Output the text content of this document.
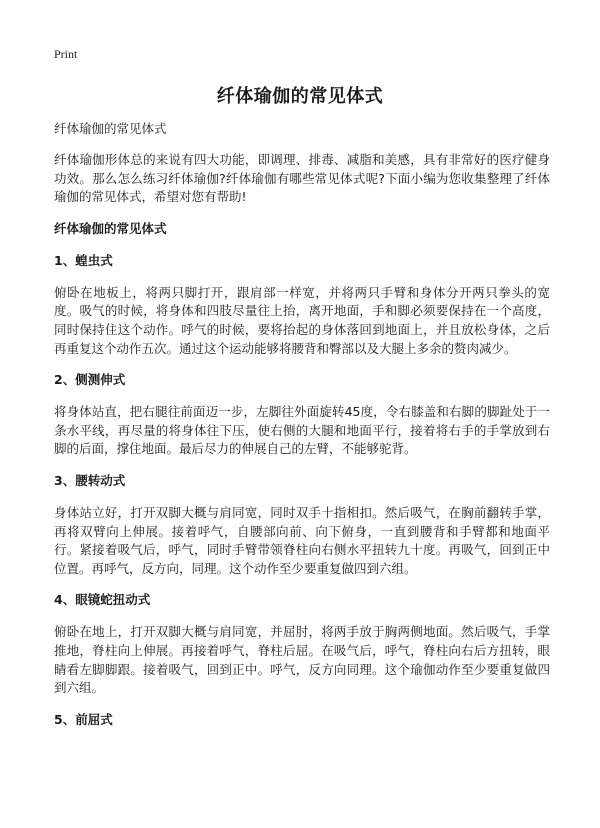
Print
纤体瑜伽的常见体式

纤体瑜伽的常见体式

纤体瑜伽形体总的来说有四大功能，即调理、排毒、减脂和美感，具有非常好的医疗健身功效。那么怎么练习纤体瑜伽?纤体瑜伽有哪些常见体式呢?下面小编为您收集整理了纤体瑜伽的常见体式，希望对您有帮助!

纤体瑜伽的常见体式

1、蝗虫式

俯卧在地板上，将两只脚打开，跟肩部一样宽，并将两只手臂和身体分开两只拳头的宽度。吸气的时候，将身体和四肢尽量往上抬，离开地面，手和脚必须要保持在一个高度，同时保持住这个动作。呼气的时候，要将抬起的身体落回到地面上，并且放松身体，之后再重复这个动作五次。通过这个运动能够将腰背和臀部以及大腿上多余的赘肉减少。

2、侧测伸式

将身体站直，把右腿往前面迈一步，左脚往外面旋转45度，令右膝盖和右脚的脚趾处于一条水平线，再尽量的将身体往下压，使右侧的大腿和地面平行，接着将右手的手掌放到右脚的后面，撑住地面。最后尽力的伸展自己的左臂，不能够驼背。

3、腰转动式

身体站立好，打开双脚大概与肩同宽，同时双手十指相扣。然后吸气，在胸前翻转手掌，再将双臂向上伸展。接着呼气，自腰部向前、向下俯身，一直到腰背和手臂都和地面平行。紧接着吸气后，呼气，同时手臂带领脊柱向右侧水平扭转九十度。再吸气，回到正中位置。再呼气，反方向，同理。这个动作至少要重复做四到六组。

4、眼镜蛇扭动式

俯卧在地上，打开双脚大概与肩同宽，并屈肘，将两手放于胸两侧地面。然后吸气，手掌推地，脊柱向上伸展。再接着呼气，脊柱后屈。在吸气后，呼气，脊柱向右后方扭转，眼睛看左脚脚跟。接着吸气，回到正中。呼气，反方向同理。这个瑜伽动作至少要重复做四到六组。

5、前屈式
